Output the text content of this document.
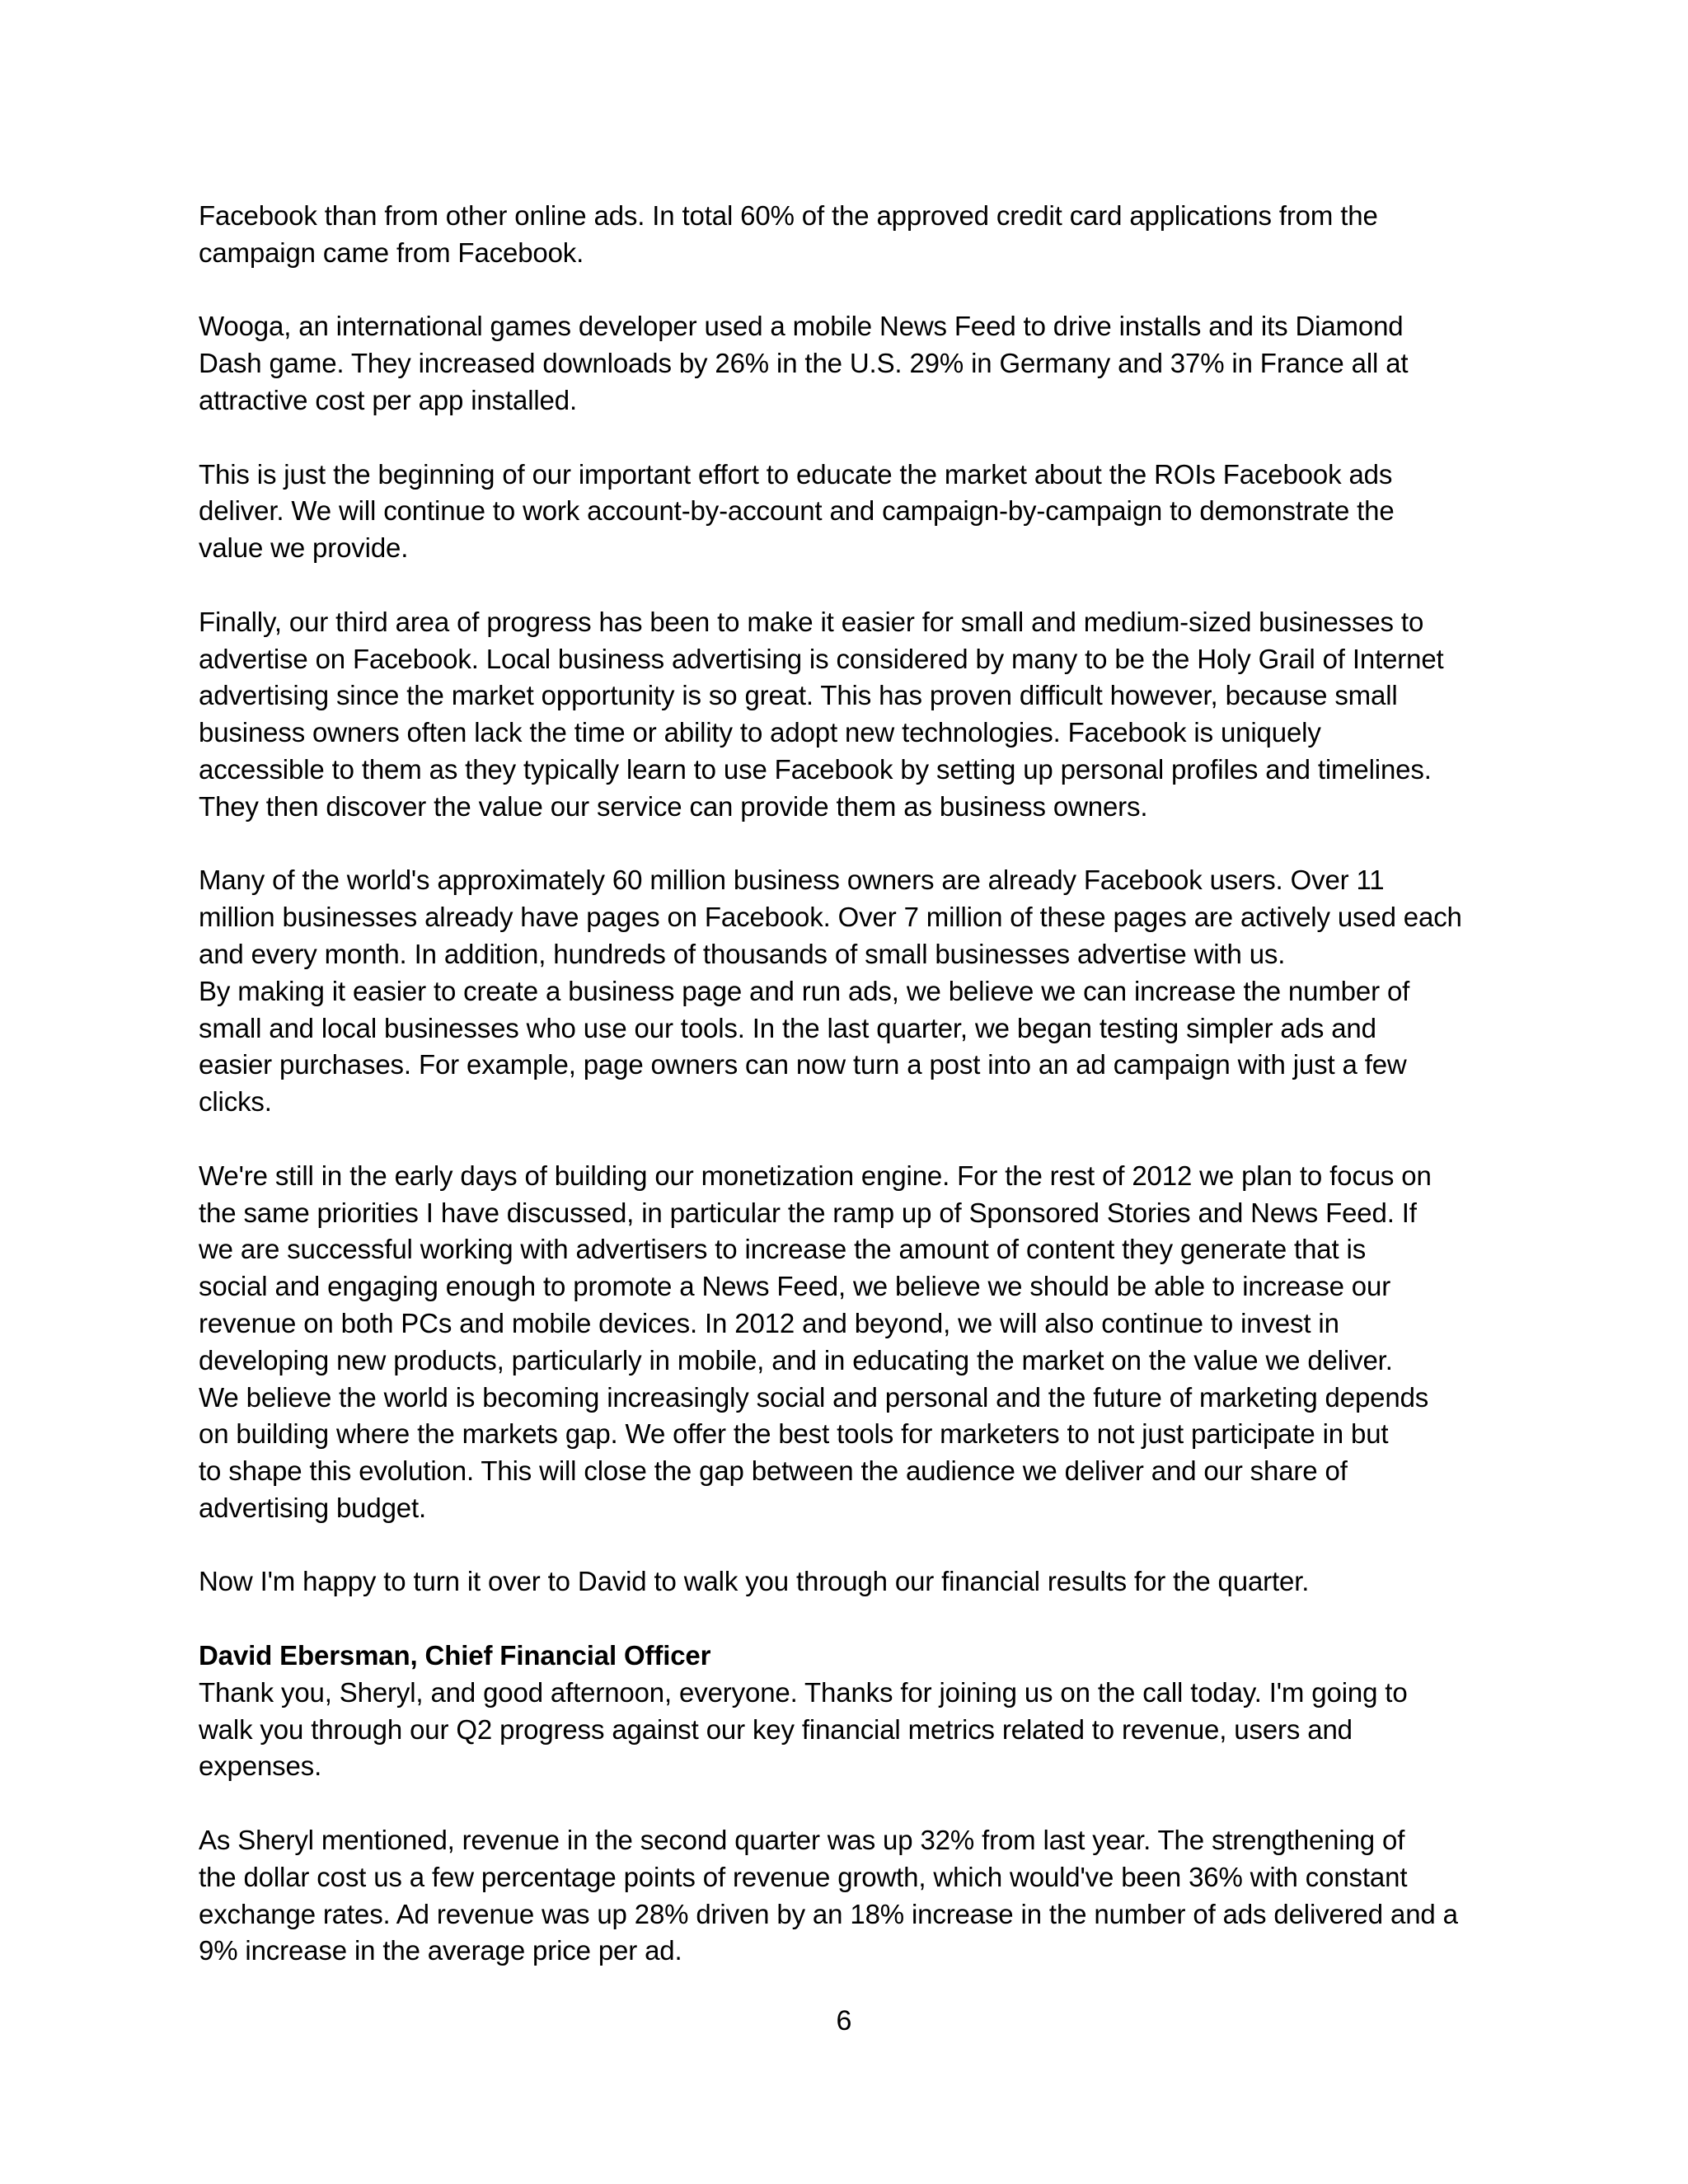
Facebook than from other online ads. In total 60% of the approved credit card applications from the
campaign came from Facebook.

Wooga, an international games developer used a mobile News Feed to drive installs and its Diamond
Dash game. They increased downloads by 26% in the U.S. 29% in Germany and 37% in France all at
attractive cost per app installed.

This is just the beginning of our important effort to educate the market about the ROIs Facebook ads
deliver. We will continue to work account-by-account and campaign-by-campaign to demonstrate the
value we provide.

Finally, our third area of progress has been to make it easier for small and medium-sized businesses to
advertise on Facebook. Local business advertising is considered by many to be the Holy Grail of Internet
advertising since the market opportunity is so great. This has proven difficult however, because small
business owners often lack the time or ability to adopt new technologies. Facebook is uniquely
accessible to them as they typically learn to use Facebook by setting up personal profiles and timelines.
They then discover the value our service can provide them as business owners.

Many of the world's approximately 60 million business owners are already Facebook users. Over 11
million businesses already have pages on Facebook. Over 7 million of these pages are actively used each
and every month. In addition, hundreds of thousands of small businesses advertise with us.
By making it easier to create a business page and run ads, we believe we can increase the number of
small and local businesses who use our tools. In the last quarter, we began testing simpler ads and
easier purchases. For example, page owners can now turn a post into an ad campaign with just a few
clicks.

We're still in the early days of building our monetization engine. For the rest of 2012 we plan to focus on
the same priorities I have discussed, in particular the ramp up of Sponsored Stories and News Feed. If
we are successful working with advertisers to increase the amount of content they generate that is
social and engaging enough to promote a News Feed, we believe we should be able to increase our
revenue on both PCs and mobile devices. In 2012 and beyond, we will also continue to invest in
developing new products, particularly in mobile, and in educating the market on the value we deliver.
We believe the world is becoming increasingly social and personal and the future of marketing depends
on building where the markets gap. We offer the best tools for marketers to not just participate in but
to shape this evolution. This will close the gap between the audience we deliver and our share of
advertising budget.

Now I'm happy to turn it over to David to walk you through our financial results for the quarter.

David Ebersman, Chief Financial Officer

Thank you, Sheryl, and good afternoon, everyone. Thanks for joining us on the call today. I'm going to
walk you through our Q2 progress against our key financial metrics related to revenue, users and
expenses.

As Sheryl mentioned, revenue in the second quarter was up 32% from last year. The strengthening of
the dollar cost us a few percentage points of revenue growth, which would've been 36% with constant
exchange rates. Ad revenue was up 28% driven by an 18% increase in the number of ads delivered and a
9% increase in the average price per ad.

6
